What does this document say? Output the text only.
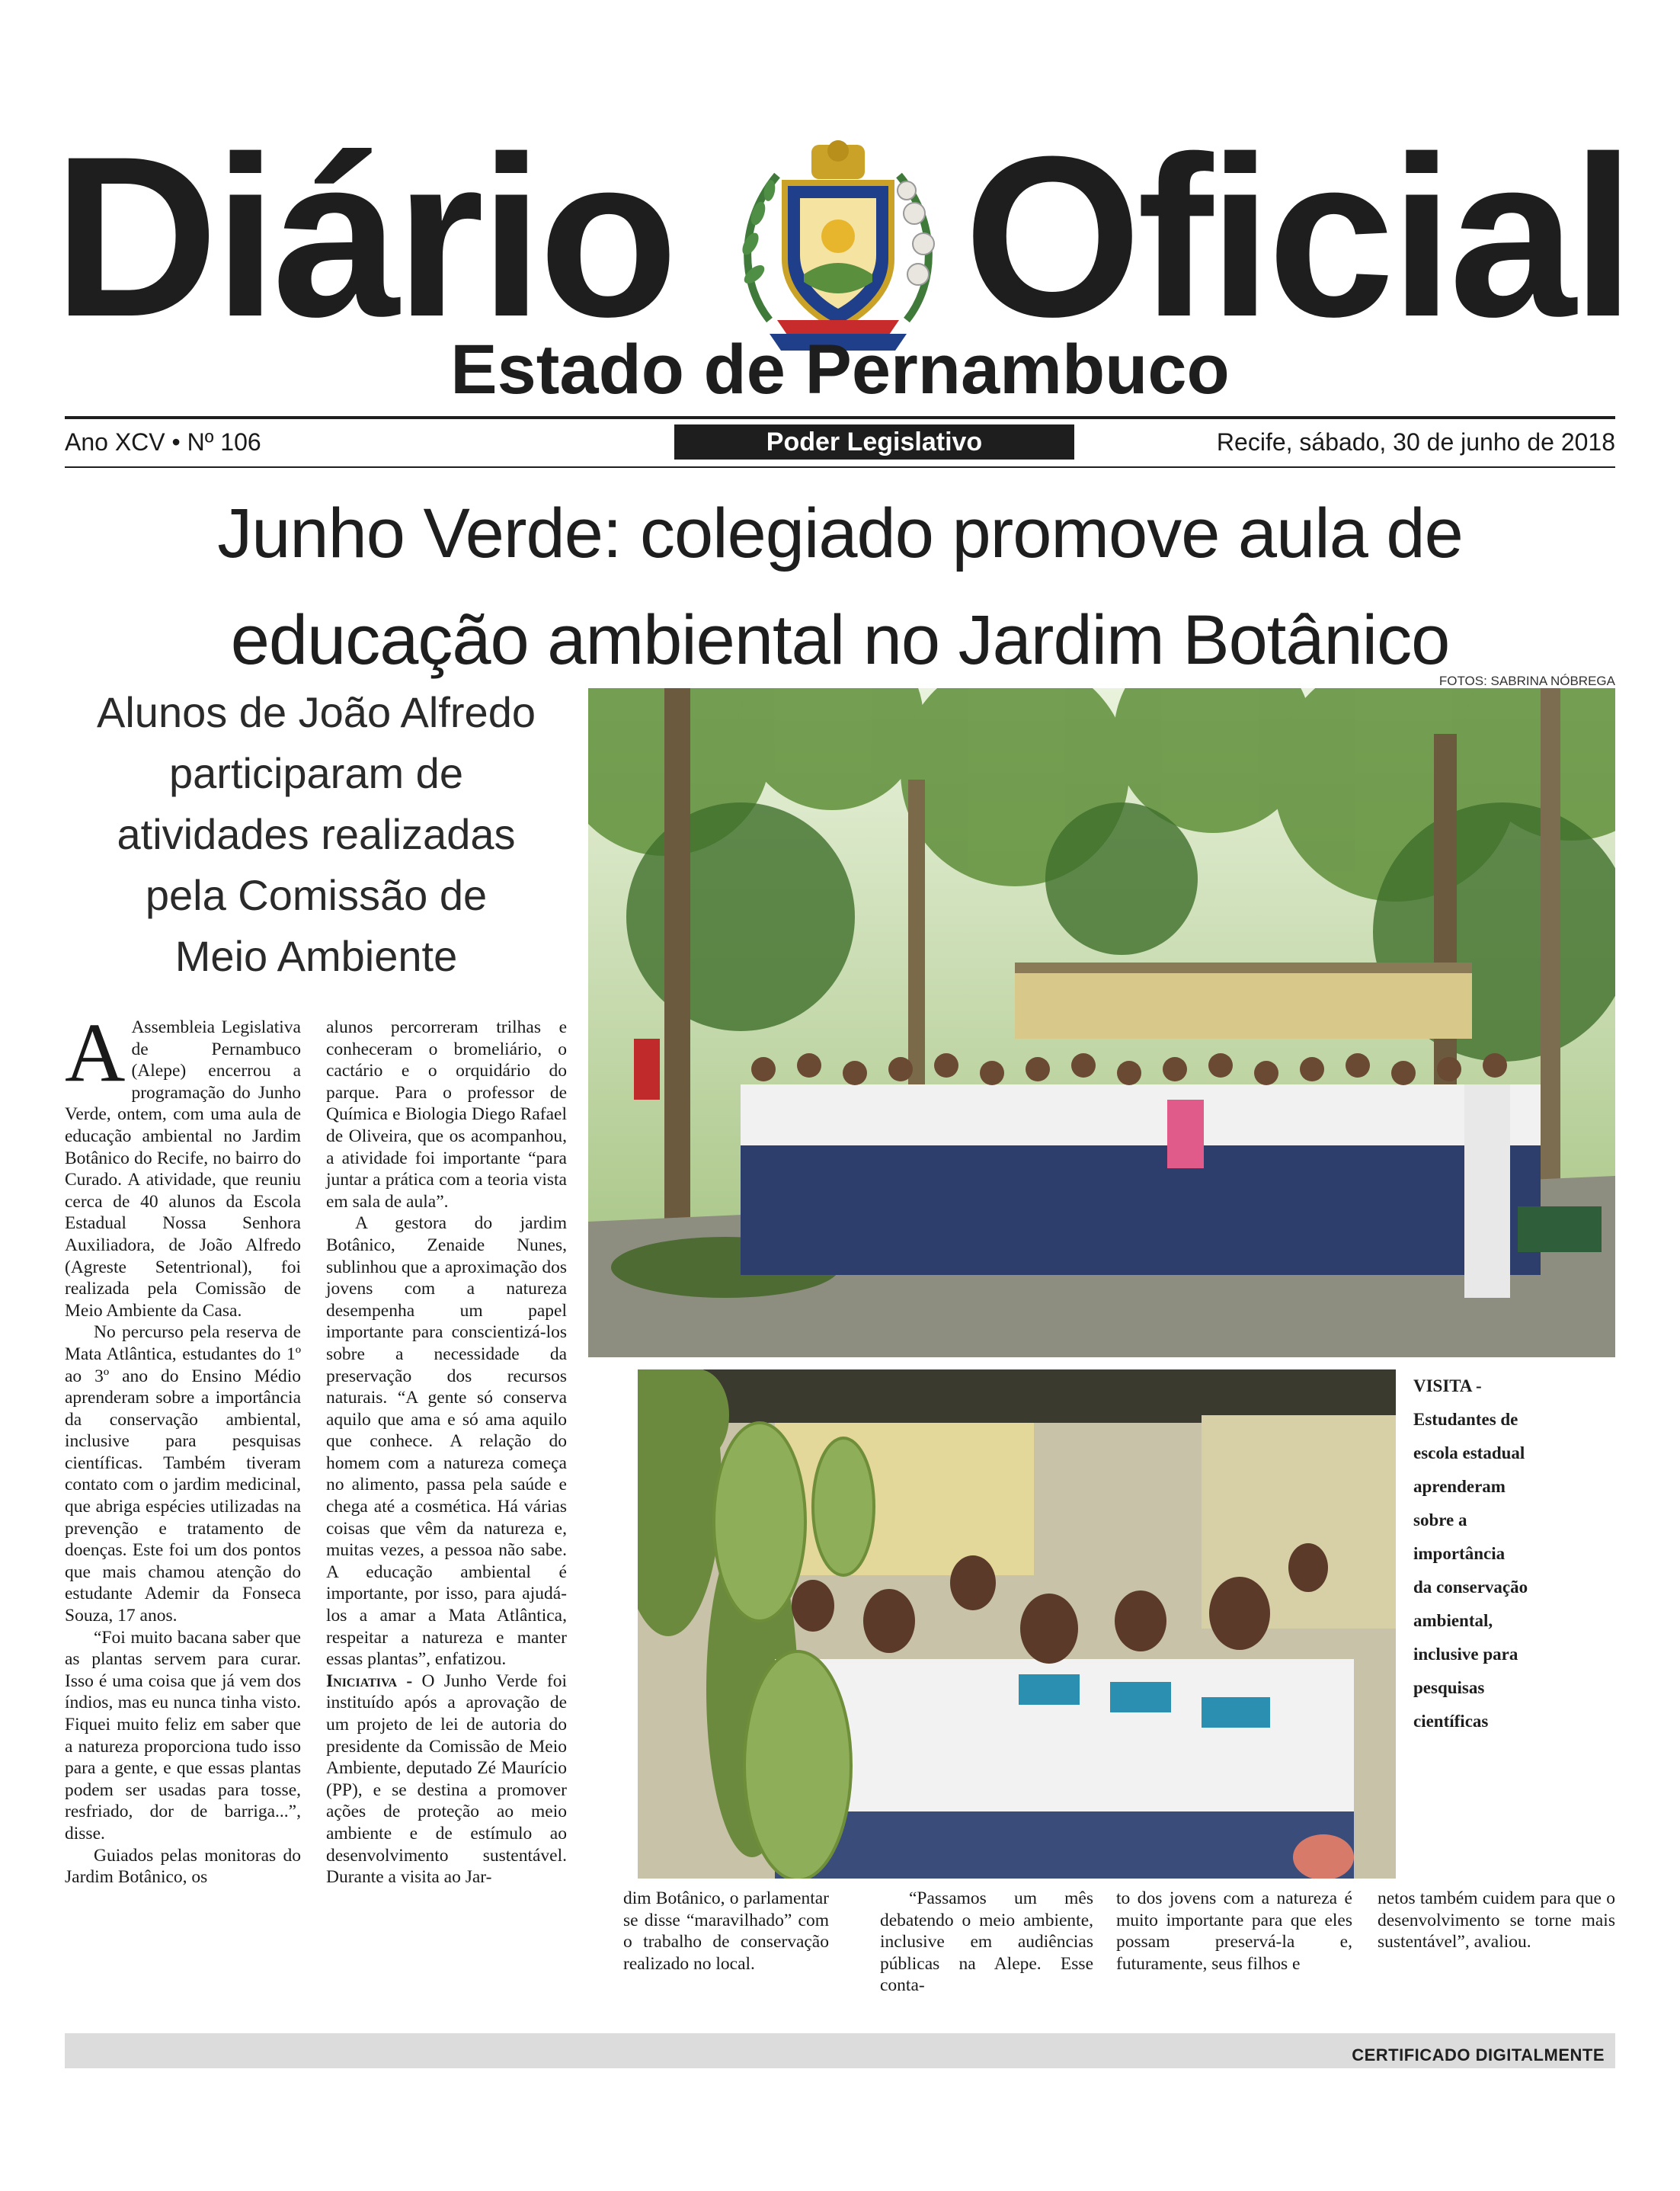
Diário Oficial
Estado de Pernambuco
Ano XCV • Nº 106	Poder Legislativo	Recife, sábado, 30 de junho de 2018
Junho Verde: colegiado promove aula de
educação ambiental no Jardim Botânico
FOTOS: SABRINA NÓBREGA
Alunos de João Alfredo
participaram de
atividades realizadas
pela Comissão de
Meio Ambiente
VISITA -
Estudantes de
escola estadual
aprenderam
sobre a
importância
da conservação
ambiental,
inclusive para
pesquisas
científicas

A Assembleia Legislativa de Pernambuco (Alepe) encerrou a programação do Junho Verde, ontem, com uma aula de educação ambiental no Jardim Botânico do Recife, no bairro do Curado. A atividade, que reuniu cerca de 40 alunos da Escola Estadual Nossa Senhora Auxiliadora, de João Alfredo (Agreste Setentrional), foi realizada pela Comissão de Meio Ambiente da Casa.

No percurso pela reserva de Mata Atlântica, estudantes do 1º ao 3º ano do Ensino Médio aprenderam sobre a importância da conservação ambiental, inclusive para pesquisas científicas. Também tiveram contato com o jardim medicinal, que abriga espécies utilizadas na prevenção e tratamento de doenças. Este foi um dos pontos que mais chamou atenção do estudante Ademir da Fonseca Souza, 17 anos.

“Foi muito bacana saber que as plantas servem para curar. Isso é uma coisa que já vem dos índios, mas eu nunca tinha visto. Fiquei muito feliz em saber que a natureza proporciona tudo isso para a gente, e que essas plantas podem ser usadas para tosse, resfriado, dor de barriga...”, disse.

Guiados pelas monitoras do Jardim Botânico, os

alunos percorreram trilhas e conheceram o bromeliário, o cactário e o orquidário do parque. Para o professor de Química e Biologia Diego Rafael de Oliveira, que os acompanhou, a atividade foi importante “para juntar a prática com a teoria vista em sala de aula”.

A gestora do jardim Botânico, Zenaide Nunes, sublinhou que a aproximação dos jovens com a natureza desempenha um papel importante para conscientizá-los sobre a necessidade da preservação dos recursos naturais. “A gente só conserva aquilo que ama e só ama aquilo que conhece. A relação do homem com a natureza começa no alimento, passa pela saúde e chega até a cosmética. Há várias coisas que vêm da natureza e, muitas vezes, a pessoa não sabe. A educação ambiental é importante, por isso, para ajudá-los a amar a Mata Atlântica, respeitar a natureza e manter essas plantas”, enfatizou.

Iniciativa - O Junho Verde foi instituído após a aprovação de um projeto de lei de autoria do presidente da Comissão de Meio Ambiente, deputado Zé Maurício (PP), e se destina a promover ações de proteção ao meio ambiente e de estímulo ao desenvolvimento sustentável. Durante a visita ao Jar-

dim Botânico, o parlamentar se disse “maravilhado” com o trabalho de conservação realizado no local.

“Passamos um mês debatendo o meio ambiente, inclusive em audiências públicas na Alepe. Esse conta-

to dos jovens com a natureza é muito importante para que eles possam preservá-la e, futuramente, seus filhos e

netos também cuidem para que o desenvolvimento se torne mais sustentável”, avaliou.

CERTIFICADO DIGITALMENTE
